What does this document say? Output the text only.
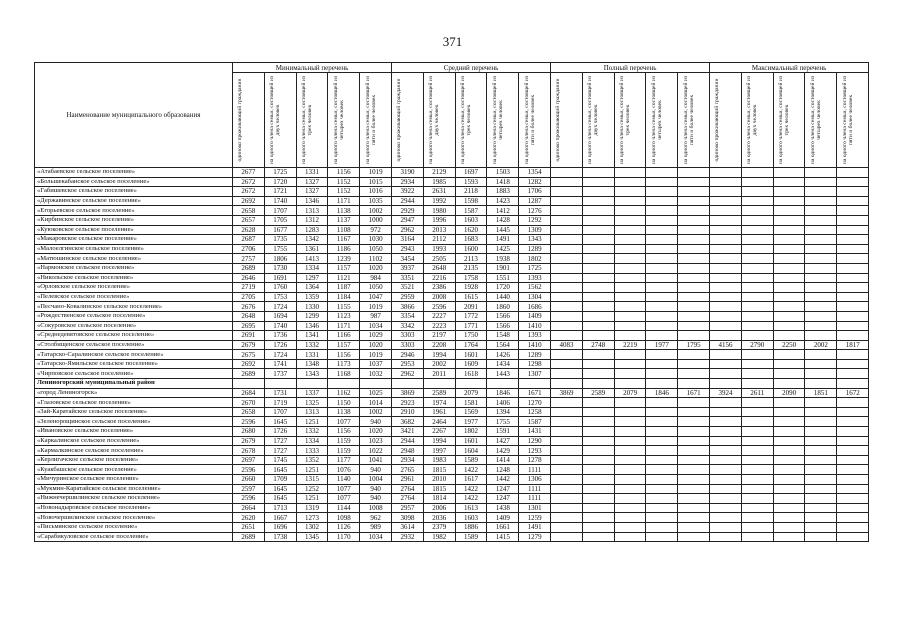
371
Наименование муниципального образования	Минимальный перечень					Средний перечень					Полный перечень					Максимальный перечень				

	одиноко проживающий гражданин	на одного члена семьи, состоящей из двух человек	на одного члена семьи, состоящей из трех человек	на одного члена семьи, состоящей из четырех человек	на одного члена семьи, состоящей из пяти и более человек	одиноко проживающий гражданин	на одного члена семьи, состоящей из двух человек	на одного члена семьи, состоящей из трех человек	на одного члена семьи, состоящей из четырех человек	на одного члена семьи, состоящей из пяти и более человек	одиноко проживающий гражданин	на одного члена семьи, состоящей из двух человек	на одного члена семьи, состоящей из трех человек	на одного члена семьи, состоящей из четырех человек	на одного члена семьи, состоящей из пяти и более человек	одиноко проживающий гражданин	на одного члена семьи, состоящей из двух человек	на одного члена семьи, состоящей из трех человек	на одного члена семьи, состоящей из четырех человек	на одного члена семьи, состоящей из пяти и более человек

«Атабаевское сельское поселение»	2677	1725	1331	1156	1019	3190	2129	1697	1503	1354										
«Большекабанское сельское поселение»	2672	1720	1327	1152	1015	2934	1985	1593	1418	1282										
«Габишевское сельское поселение»	2672	1721	1327	1152	1016	3922	2631	2118	1883	1706										
«Державинское сельское поселение»	2692	1740	1346	1171	1035	2944	1992	1598	1423	1287										
«Егорьевское сельское поселение»	2658	1707	1313	1138	1002	2929	1980	1587	1412	1276										
«Кирбинское сельское поселение»	2657	1705	1312	1137	1000	2947	1996	1603	1428	1292										
«Куюковское сельское поселение»	2628	1677	1283	1108	972	2962	2013	1620	1445	1309										
«Макаровское сельское поселение»	2687	1735	1342	1167	1030	3164	2112	1683	1491	1343										
«Малоелгинское сельское поселение»	2706	1755	1361	1186	1050	2943	1993	1600	1425	1289										
«Матюшинское сельское поселение»	2757	1806	1413	1239	1102	3454	2505	2113	1938	1802										
«Нармонское сельское поселение»	2689	1730	1334	1157	1020	3937	2648	2135	1901	1725										
«Никольское сельское поселение»	2646	1691	1297	1121	984	3351	2216	1758	1551	1393										
«Орловское сельское поселение»	2719	1760	1364	1187	1050	3521	2386	1928	1720	1562										
«Пелевское сельское поселение»	2705	1753	1359	1184	1047	2959	2008	1615	1440	1304										
«Песчано-Ковалинское сельское поселение»	2676	1724	1330	1155	1019	3866	2596	2091	1860	1686										
«Рождественское сельское поселение»	2648	1694	1299	1123	987	3354	2227	1772	1566	1409										
«Сокуровское сельское поселение»	2695	1740	1346	1171	1034	3342	2223	1771	1566	1410										
«Среднедевятовское сельское поселение»	2691	1736	1341	1166	1029	3303	2197	1750	1548	1393										
«Столбищенское сельское поселение»	2679	1726	1332	1157	1020	3303	2208	1764	1564	1410	4083	2748	2219	1977	1795	4156	2790	2250	2002	1817
«Татарско-Саралинское сельское поселение»	2675	1724	1331	1156	1019	2946	1994	1601	1426	1289										
«Татарско-Ямильское сельское поселение»	2692	1741	1348	1173	1037	2953	2002	1609	1434	1298										
«Чирповское сельское поселение»	2689	1737	1343	1168	1032	2962	2011	1618	1443	1307										
Лениногорский муниципальный район																				
«город Лениногорск»	2684	1731	1337	1162	1025	3869	2589	2079	1846	1671	3869	2589	2079	1846	1671	3924	2611	2090	1851	1672
«Глазовское сельское поселение»	2670	1719	1325	1150	1014	2923	1974	1581	1406	1270										
«Зай-Каратайское сельское поселение»	2658	1707	1313	1138	1002	2910	1961	1569	1394	1258										
«Зеленорощинское сельское поселение»	2596	1645	1251	1077	940	3682	2464	1977	1755	1587										
«Ивановское сельское поселение»	2680	1726	1332	1156	1020	3421	2267	1802	1591	1431										
«Каркалинское сельское поселение»	2679	1727	1334	1159	1023	2944	1994	1601	1427	1290										
«Кармалкинское сельское поселение»	2678	1727	1333	1159	1022	2948	1997	1604	1429	1293										
«Керлигачское сельское поселение»	2697	1745	1352	1177	1041	2934	1983	1589	1414	1278										
«Куакбашское сельское поселение»	2596	1645	1251	1076	940	2765	1815	1422	1248	1111										
«Мичуринское сельское поселение»	2660	1709	1315	1140	1004	2961	2010	1617	1442	1306										
«Мукмин-Каратайское сельское поселение»	2597	1645	1252	1077	940	2764	1815	1422	1247	1111										
«Нижнечершилинское сельское поселение»	2596	1645	1251	1077	940	2764	1814	1422	1247	1111										
«Новонадыровское сельское поселение»	2664	1713	1319	1144	1008	2957	2006	1613	1438	1301										
«Новочершилинское сельское поселение»	2620	1667	1273	1098	962	3098	2036	1603	1409	1259										
«Письмянское сельское поселение»	2651	1696	1302	1126	989	3614	2379	1886	1661	1491										
«Сарабикуловское сельское поселение»	2689	1738	1345	1170	1034	2932	1982	1589	1415	1279										
